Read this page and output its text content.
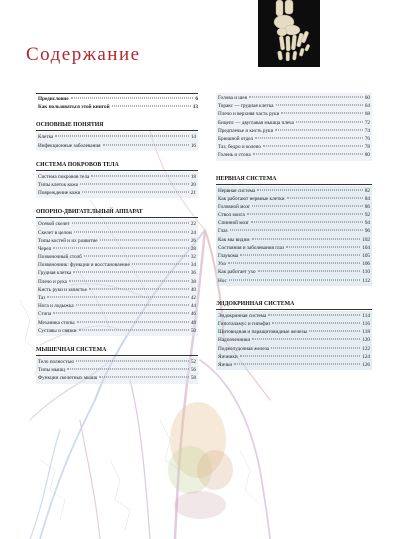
Содержание
Предисловие	6
Как пользоваться этой книгой	13
ОСНОВНЫЕ ПОНЯТИЯ
Клетка	14
Инфекционные заболевания	16
СИСТЕМА ПОКРОВОВ ТЕЛА
Система покровов тела	18
Типы клеток кожи	20
Повреждение кожи	21
ОПОРНО-ДВИГАТЕЛЬНЫЙ АППАРАТ
Осевой скелет	22
Скелет в целом	24
Типы костей и их развитие	26
Череп	28
Позвоночный столб	32
Позвоночник: функции и восстановление	34
Грудная клетка	36
Плечо и рука	38
Кисть руки и запястье	40
Таз	42
Нога и лодыжка	44
Стопа	46
Механика стопы	48
Суставы и связки	50
МЫШЕЧНАЯ СИСТЕМА
Тело полностью	52
Типы мышц	56
Функции скелетных мышц	58
Голова и шея	60
Торакс — грудная клетка	64
Плечо и верхняя часть руки	68
Бицепс — двуглавая мышца плеча	72
Предплечье и кисть руки	74
Брюшной отдел	76
Таз, бедро и колено	78
Голень и стопа	80
НЕРВНАЯ СИСТЕМА
Нервная система	82
Как работают нервные клетки	84
Головной мозг	86
Ствол мозга	92
Спинной мозг	94
Глаз	96
Как мы видим	102
Состояния и заболевания глаз	104
Глаукома	105
Ухо	106
Как работает ухо	110
Нос	112
ЭНДОКРИННАЯ СИСТЕМА
Эндокринная система	114
Гипоталамус и гипофиз	116
Щитовидная и паращитовидные железы	118
Надпочечники	120
Поджелудочная железа	122
Яичники	124
Яички	126
